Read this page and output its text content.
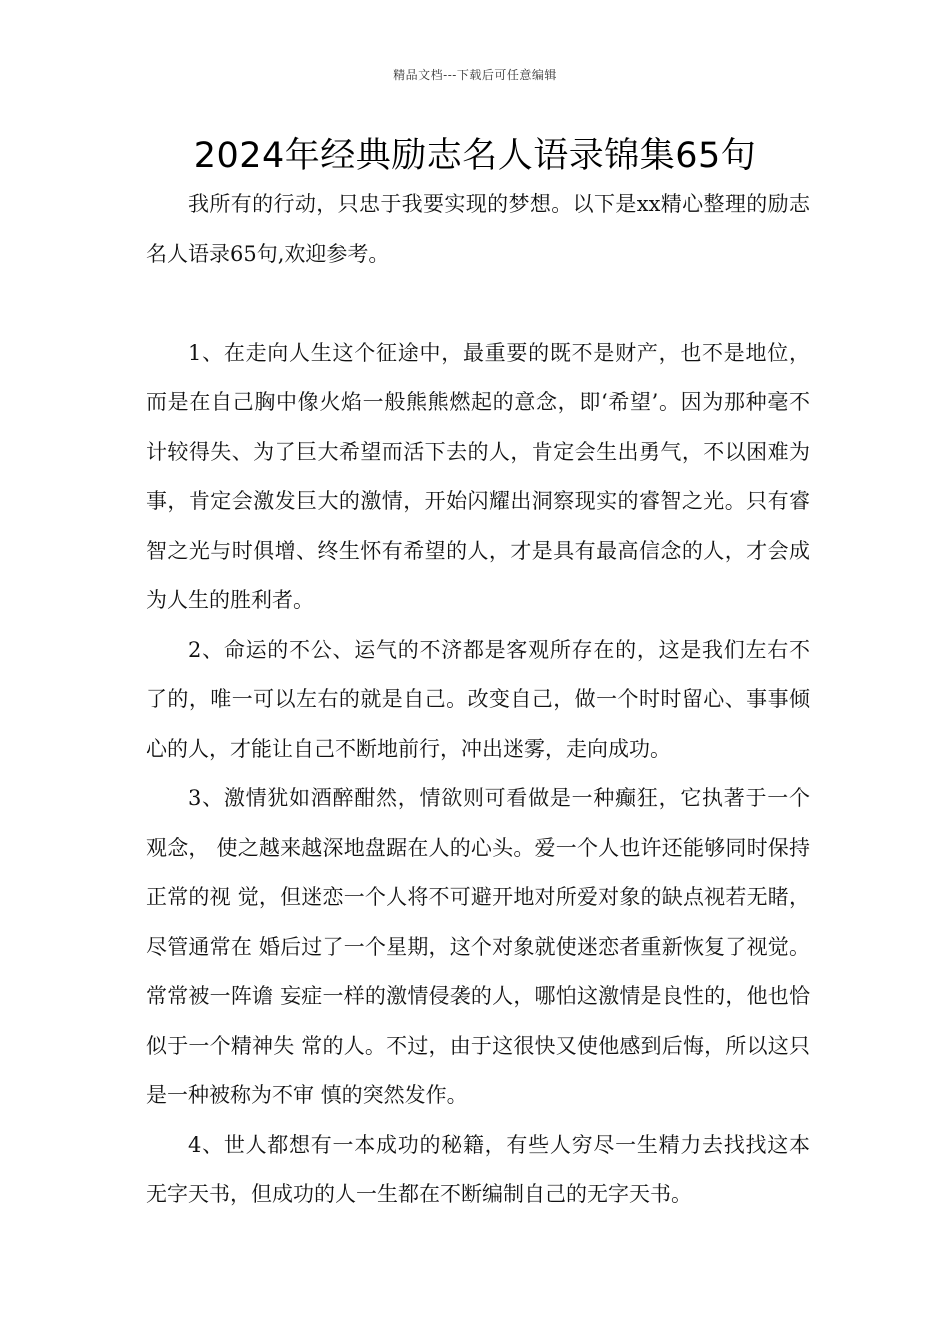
精品文档---下载后可任意编辑
2024年经典励志名人语录锦集65句

我所有的行动，只忠于我要实现的梦想。以下是xx精心整理的励志名人语录65句,欢迎参考。

1、在走向人生这个征途中，最重要的既不是财产，也不是地位，而是在自己胸中像火焰一般熊熊燃起的意念，即‘希望’。因为那种毫不计较得失、为了巨大希望而活下去的人，肯定会生出勇气，不以困难为事，肯定会激发巨大的激情，开始闪耀出洞察现实的睿智之光。只有睿智之光与时俱增、终生怀有希望的人，才是具有最高信念的人，才会成为人生的胜利者。

2、命运的不公、运气的不济都是客观所存在的，这是我们左右不了的，唯一可以左右的就是自己。改变自己，做一个时时留心、事事倾心的人，才能让自己不断地前行，冲出迷雾，走向成功。

3、激情犹如酒醉酣然，情欲则可看做是一种癫狂，它执著于一个观念， 使之越来越深地盘踞在人的心头。爱一个人也许还能够同时保持正常的视 觉，但迷恋一个人将不可避开地对所爱对象的缺点视若无睹，尽管通常在 婚后过了一个星期，这个对象就使迷恋者重新恢复了视觉。常常被一阵谵 妄症一样的激情侵袭的人，哪怕这激情是良性的，他也恰似于一个精神失 常的人。不过，由于这很快又使他感到后悔，所以这只是一种被称为不审 慎的突然发作。

4、世人都想有一本成功的秘籍，有些人穷尽一生精力去找找这本无字天书，但成功的人一生都在不断编制自己的无字天书。
